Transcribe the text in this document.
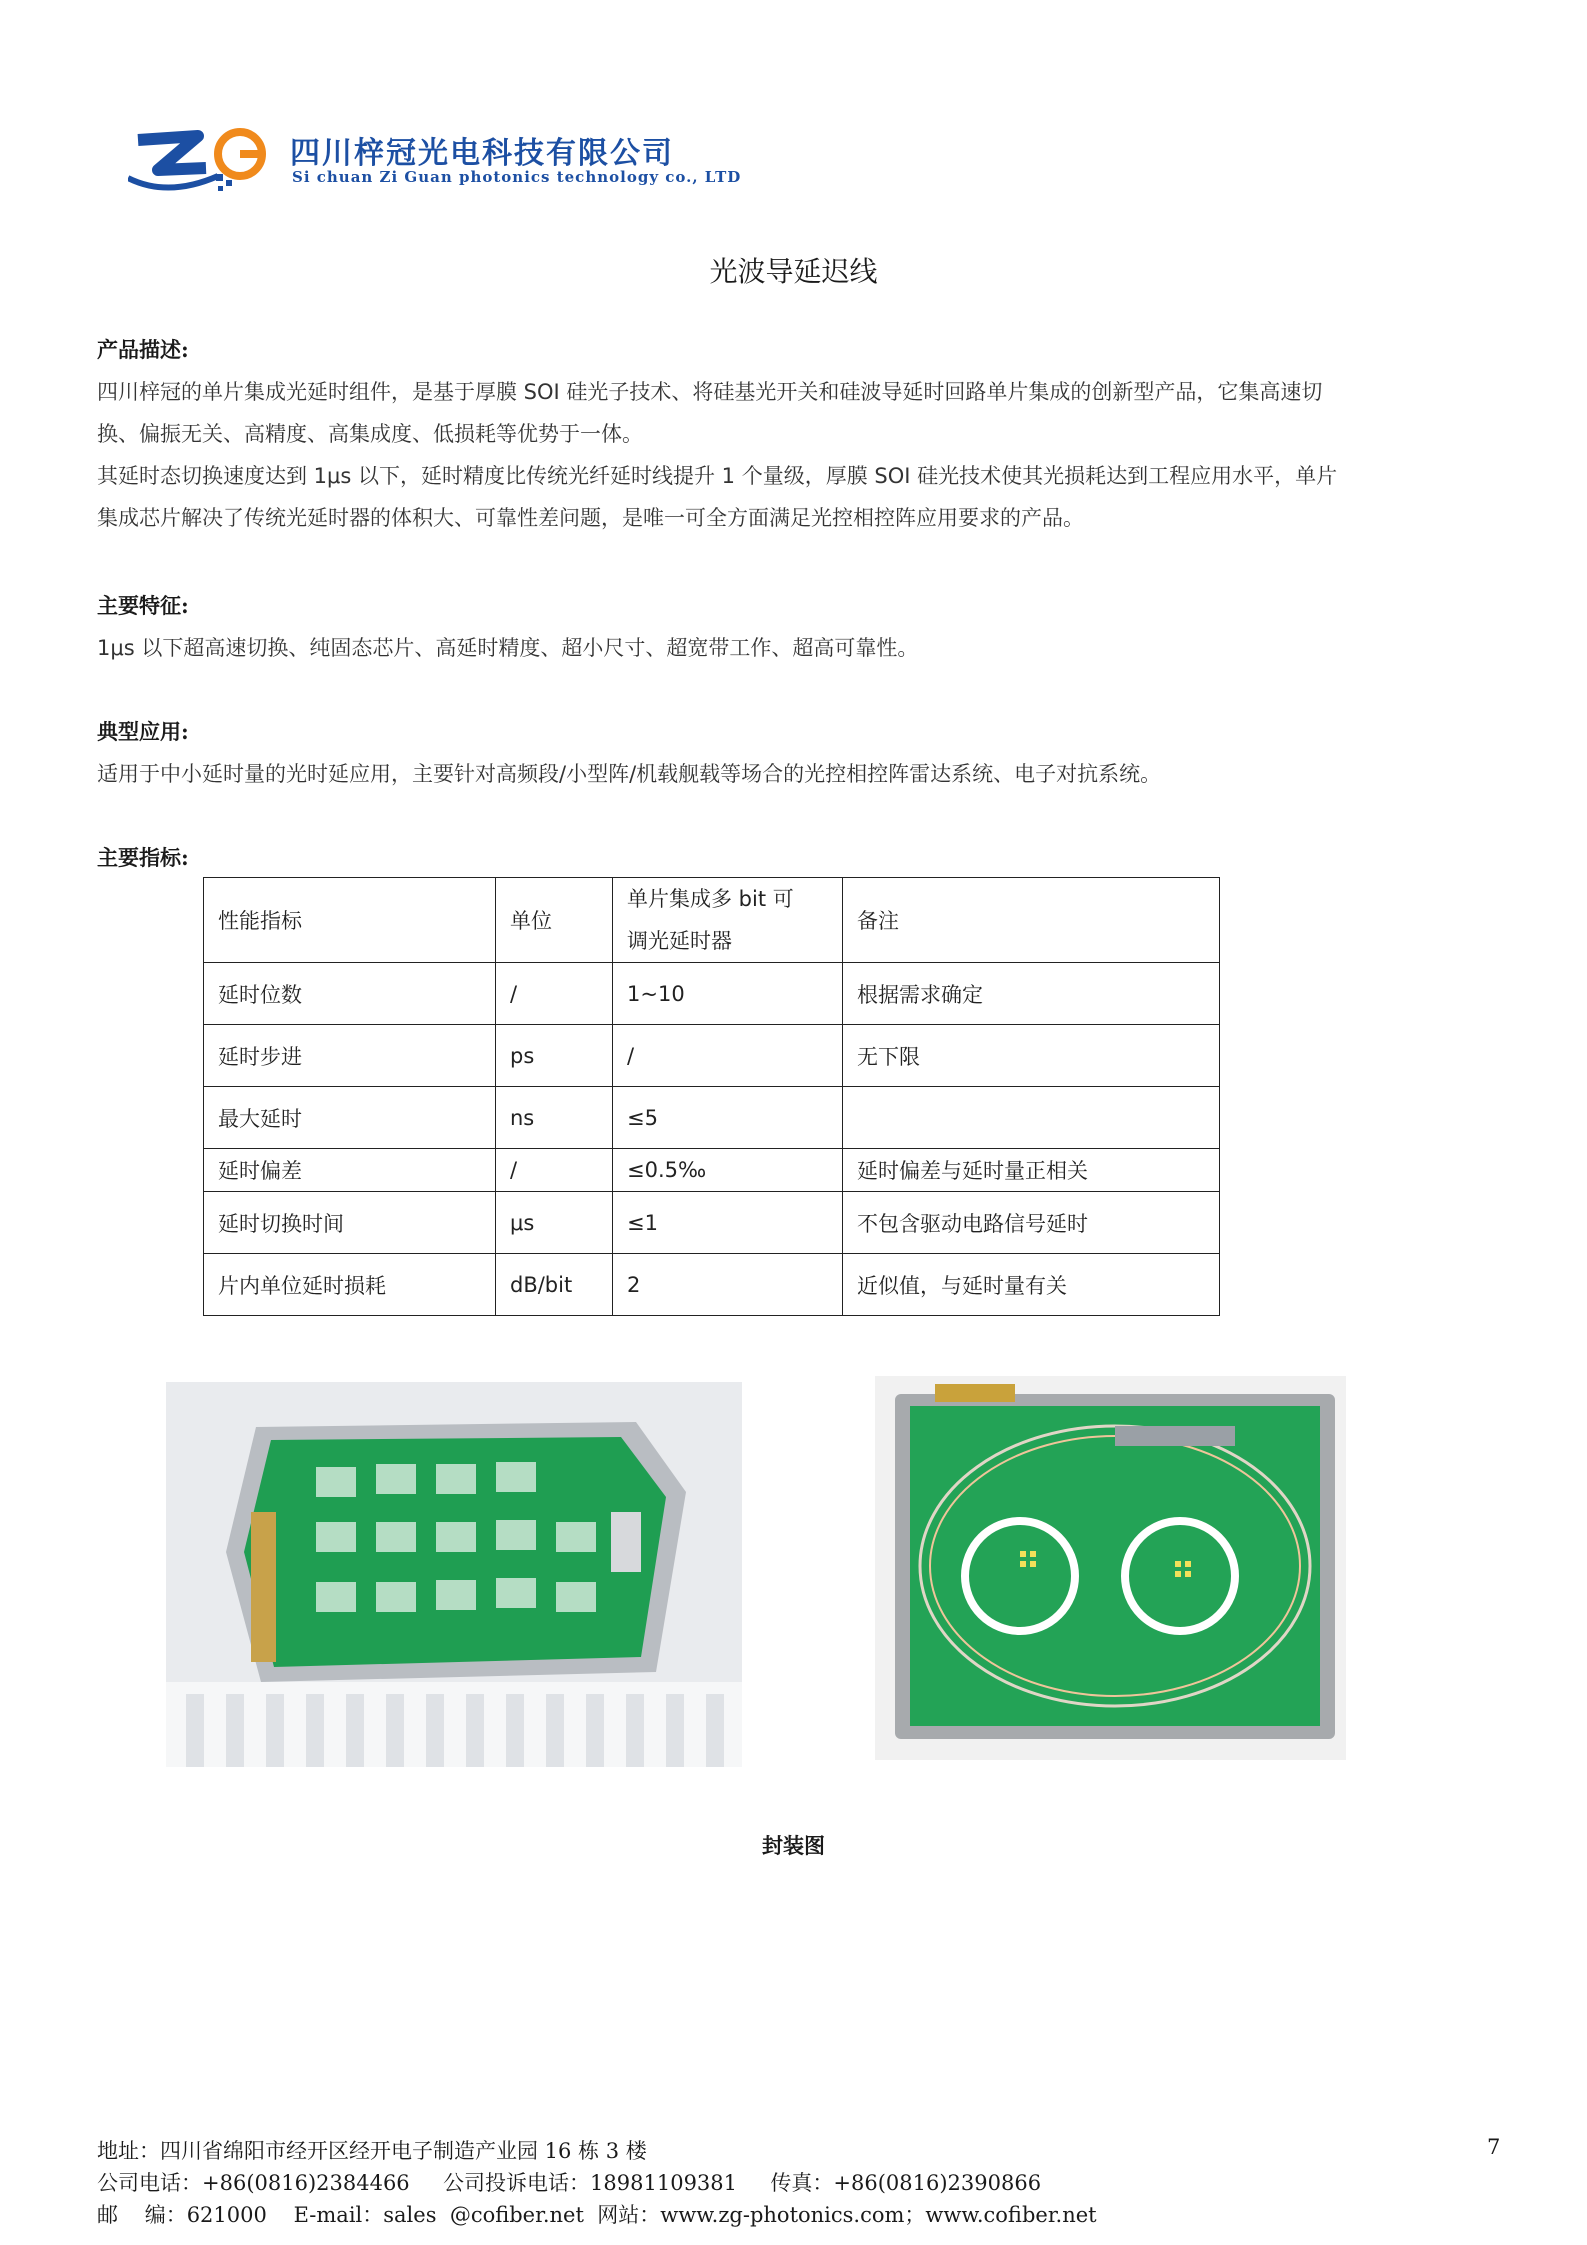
四川梓冠光电科技有限公司
Si chuan Zi Guan photonics technology co., LTD
光波导延迟线
产品描述:
四川梓冠的单片集成光延时组件，是基于厚膜 SOI 硅光子技术、将硅基光开关和硅波导延时回路单片集成的创新型产品，它集高速切
换、偏振无关、高精度、高集成度、低损耗等优势于一体。
其延时态切换速度达到 1μs 以下，延时精度比传统光纤延时线提升 1 个量级，厚膜 SOI 硅光技术使其光损耗达到工程应用水平，单片
集成芯片解决了传统光延时器的体积大、可靠性差问题，是唯一可全方面满足光控相控阵应用要求的产品。
主要特征:
1μs 以下超高速切换、纯固态芯片、高延时精度、超小尺寸、超宽带工作、超高可靠性。
典型应用:
适用于中小延时量的光时延应用，主要针对高频段/小型阵/机载舰载等场合的光控相控阵雷达系统、电子对抗系统。
主要指标:
性能指标	单位	单片集成多 bit 可
调光延时器	备注
延时位数	/	1~10	根据需求确定
延时步进	ps	/	无下限
最大延时	ns	≤5	
延时偏差	/	≤0.5‰	延时偏差与延时量正相关
延时切换时间	μs	≤1	不包含驱动电路信号延时
片内单位延时损耗	dB/bit	2	近似值，与延时量有关
封装图
地址：四川省绵阳市经开区经开电子制造产业园 16 栋 3 楼
公司电话：+86(0816)2384466     公司投诉电话：18981109381     传真：+86(0816)2390866
邮    编：621000    E-mail：sales  @cofiber.net  网站：www.zg-photonics.com；www.cofiber.net
7
